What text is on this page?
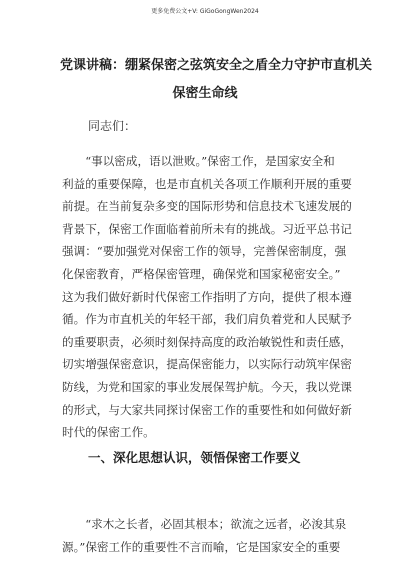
更多免费公文+V: GiGoGongWen2024
党课讲稿：绷紧保密之弦筑安全之盾全力守护市直机关
保密生命线
同志们：

　　“事以密成，语以泄败。”保密工作，是国家安全和
利益的重要保障，也是市直机关各项工作顺利开展的重要
前提。在当前复杂多变的国际形势和信息技术飞速发展的
背景下，保密工作面临着前所未有的挑战。习近平总书记
强调：“要加强党对保密工作的领导，完善保密制度，强
化保密教育，严格保密管理，确保党和国家秘密安全。”
这为我们做好新时代保密工作指明了方向，提供了根本遵
循。作为市直机关的年轻干部，我们肩负着党和人民赋予
的重要职责，必须时刻保持高度的政治敏锐性和责任感，
切实增强保密意识，提高保密能力，以实际行动筑牢保密
防线，为党和国家的事业发展保驾护航。今天，我以党课
的形式，与大家共同探讨保密工作的重要性和如何做好新
时代的保密工作。

一、深化思想认识，领悟保密工作要义

　　“求木之长者，必固其根本；欲流之远者，必浚其泉
源。”保密工作的重要性不言而喻，它是国家安全的重要
